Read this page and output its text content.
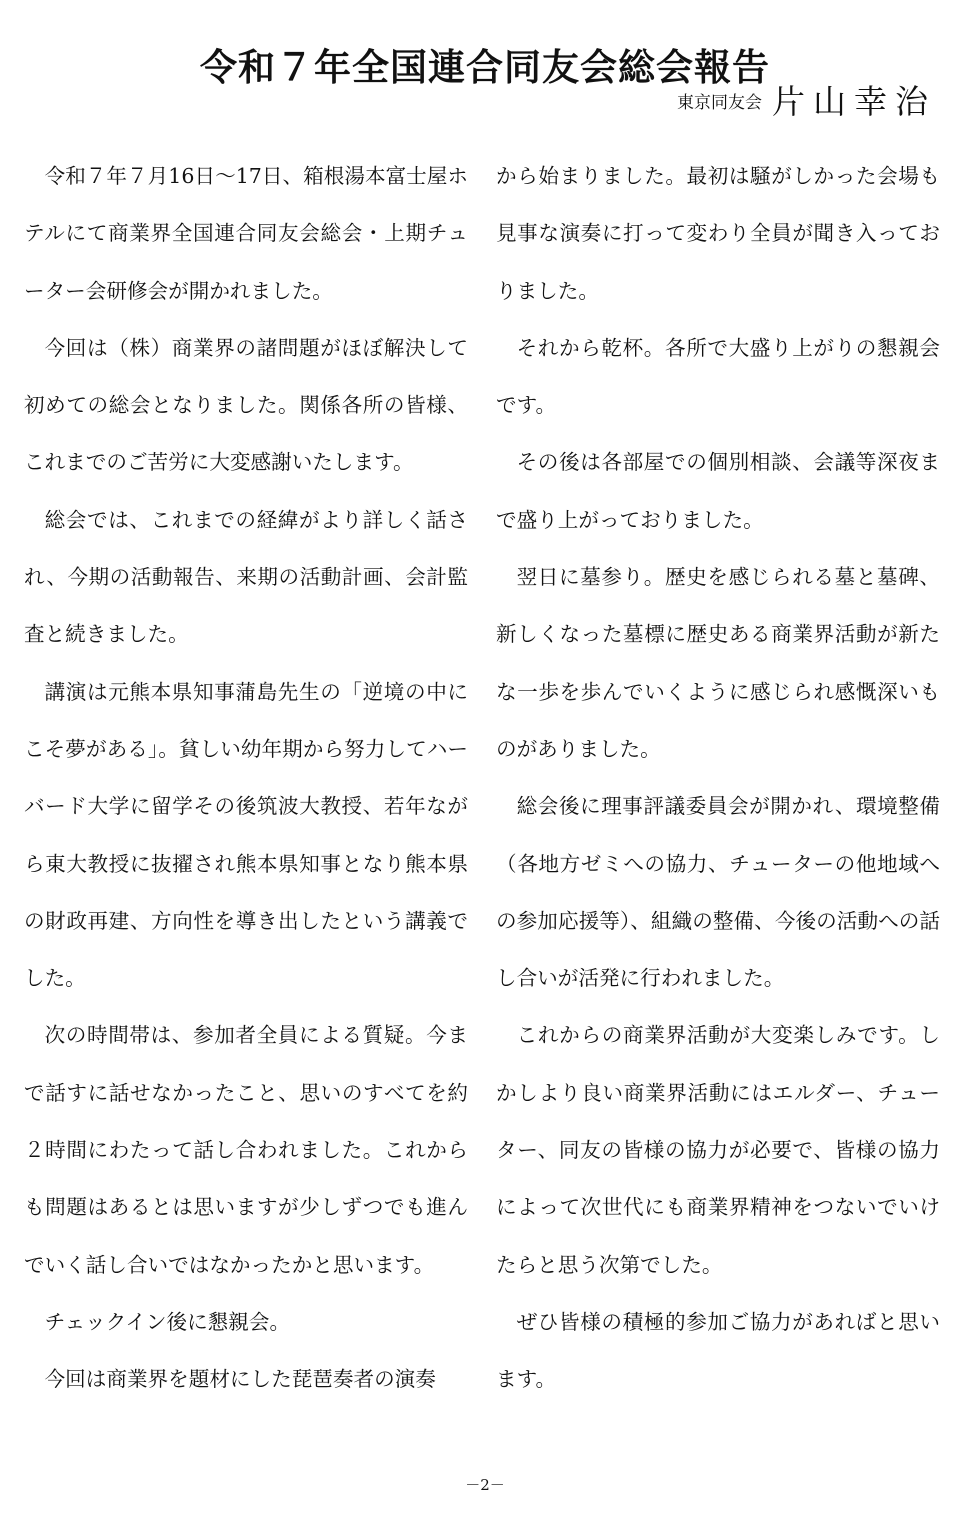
令和７年全国連合同友会総会報告
東京同友会 片山幸治

令和７年７月16日～17日、箱根湯本富士屋ホテルにて商業界全国連合同友会総会・上期チューター会研修会が開かれました。

今回は（株）商業界の諸問題がほぼ解決して初めての総会となりました。関係各所の皆様、これまでのご苦労に大変感謝いたします。

総会では、これまでの経緯がより詳しく話され、今期の活動報告、来期の活動計画、会計監査と続きました。

講演は元熊本県知事蒲島先生の「逆境の中にこそ夢がある」。貧しい幼年期から努力してハーバード大学に留学その後筑波大教授、若年ながら東大教授に抜擢され熊本県知事となり熊本県の財政再建、方向性を導き出したという講義でした。

次の時間帯は、参加者全員による質疑。今まで話すに話せなかったこと、思いのすべてを約２時間にわたって話し合われました。これからも問題はあるとは思いますが少しずつでも進んでいく話し合いではなかったかと思います。

チェックイン後に懇親会。

今回は商業界を題材にした琵琶奏者の演奏

から始まりました。最初は騒がしかった会場も見事な演奏に打って変わり全員が聞き入っておりました。

それから乾杯。各所で大盛り上がりの懇親会です。

その後は各部屋での個別相談、会議等深夜まで盛り上がっておりました。

翌日に墓参り。歴史を感じられる墓と墓碑、新しくなった墓標に歴史ある商業界活動が新たな一歩を歩んでいくように感じられ感慨深いものがありました。

総会後に理事評議委員会が開かれ、環境整備（各地方ゼミへの協力、チューターの他地域への参加応援等）、組織の整備、今後の活動への話し合いが活発に行われました。

これからの商業界活動が大変楽しみです。しかしより良い商業界活動にはエルダー、チューター、同友の皆様の協力が必要で、皆様の協力によって次世代にも商業界精神をつないでいけたらと思う次第でした。

ぜひ皆様の積極的参加ご協力があればと思います。

－2－
